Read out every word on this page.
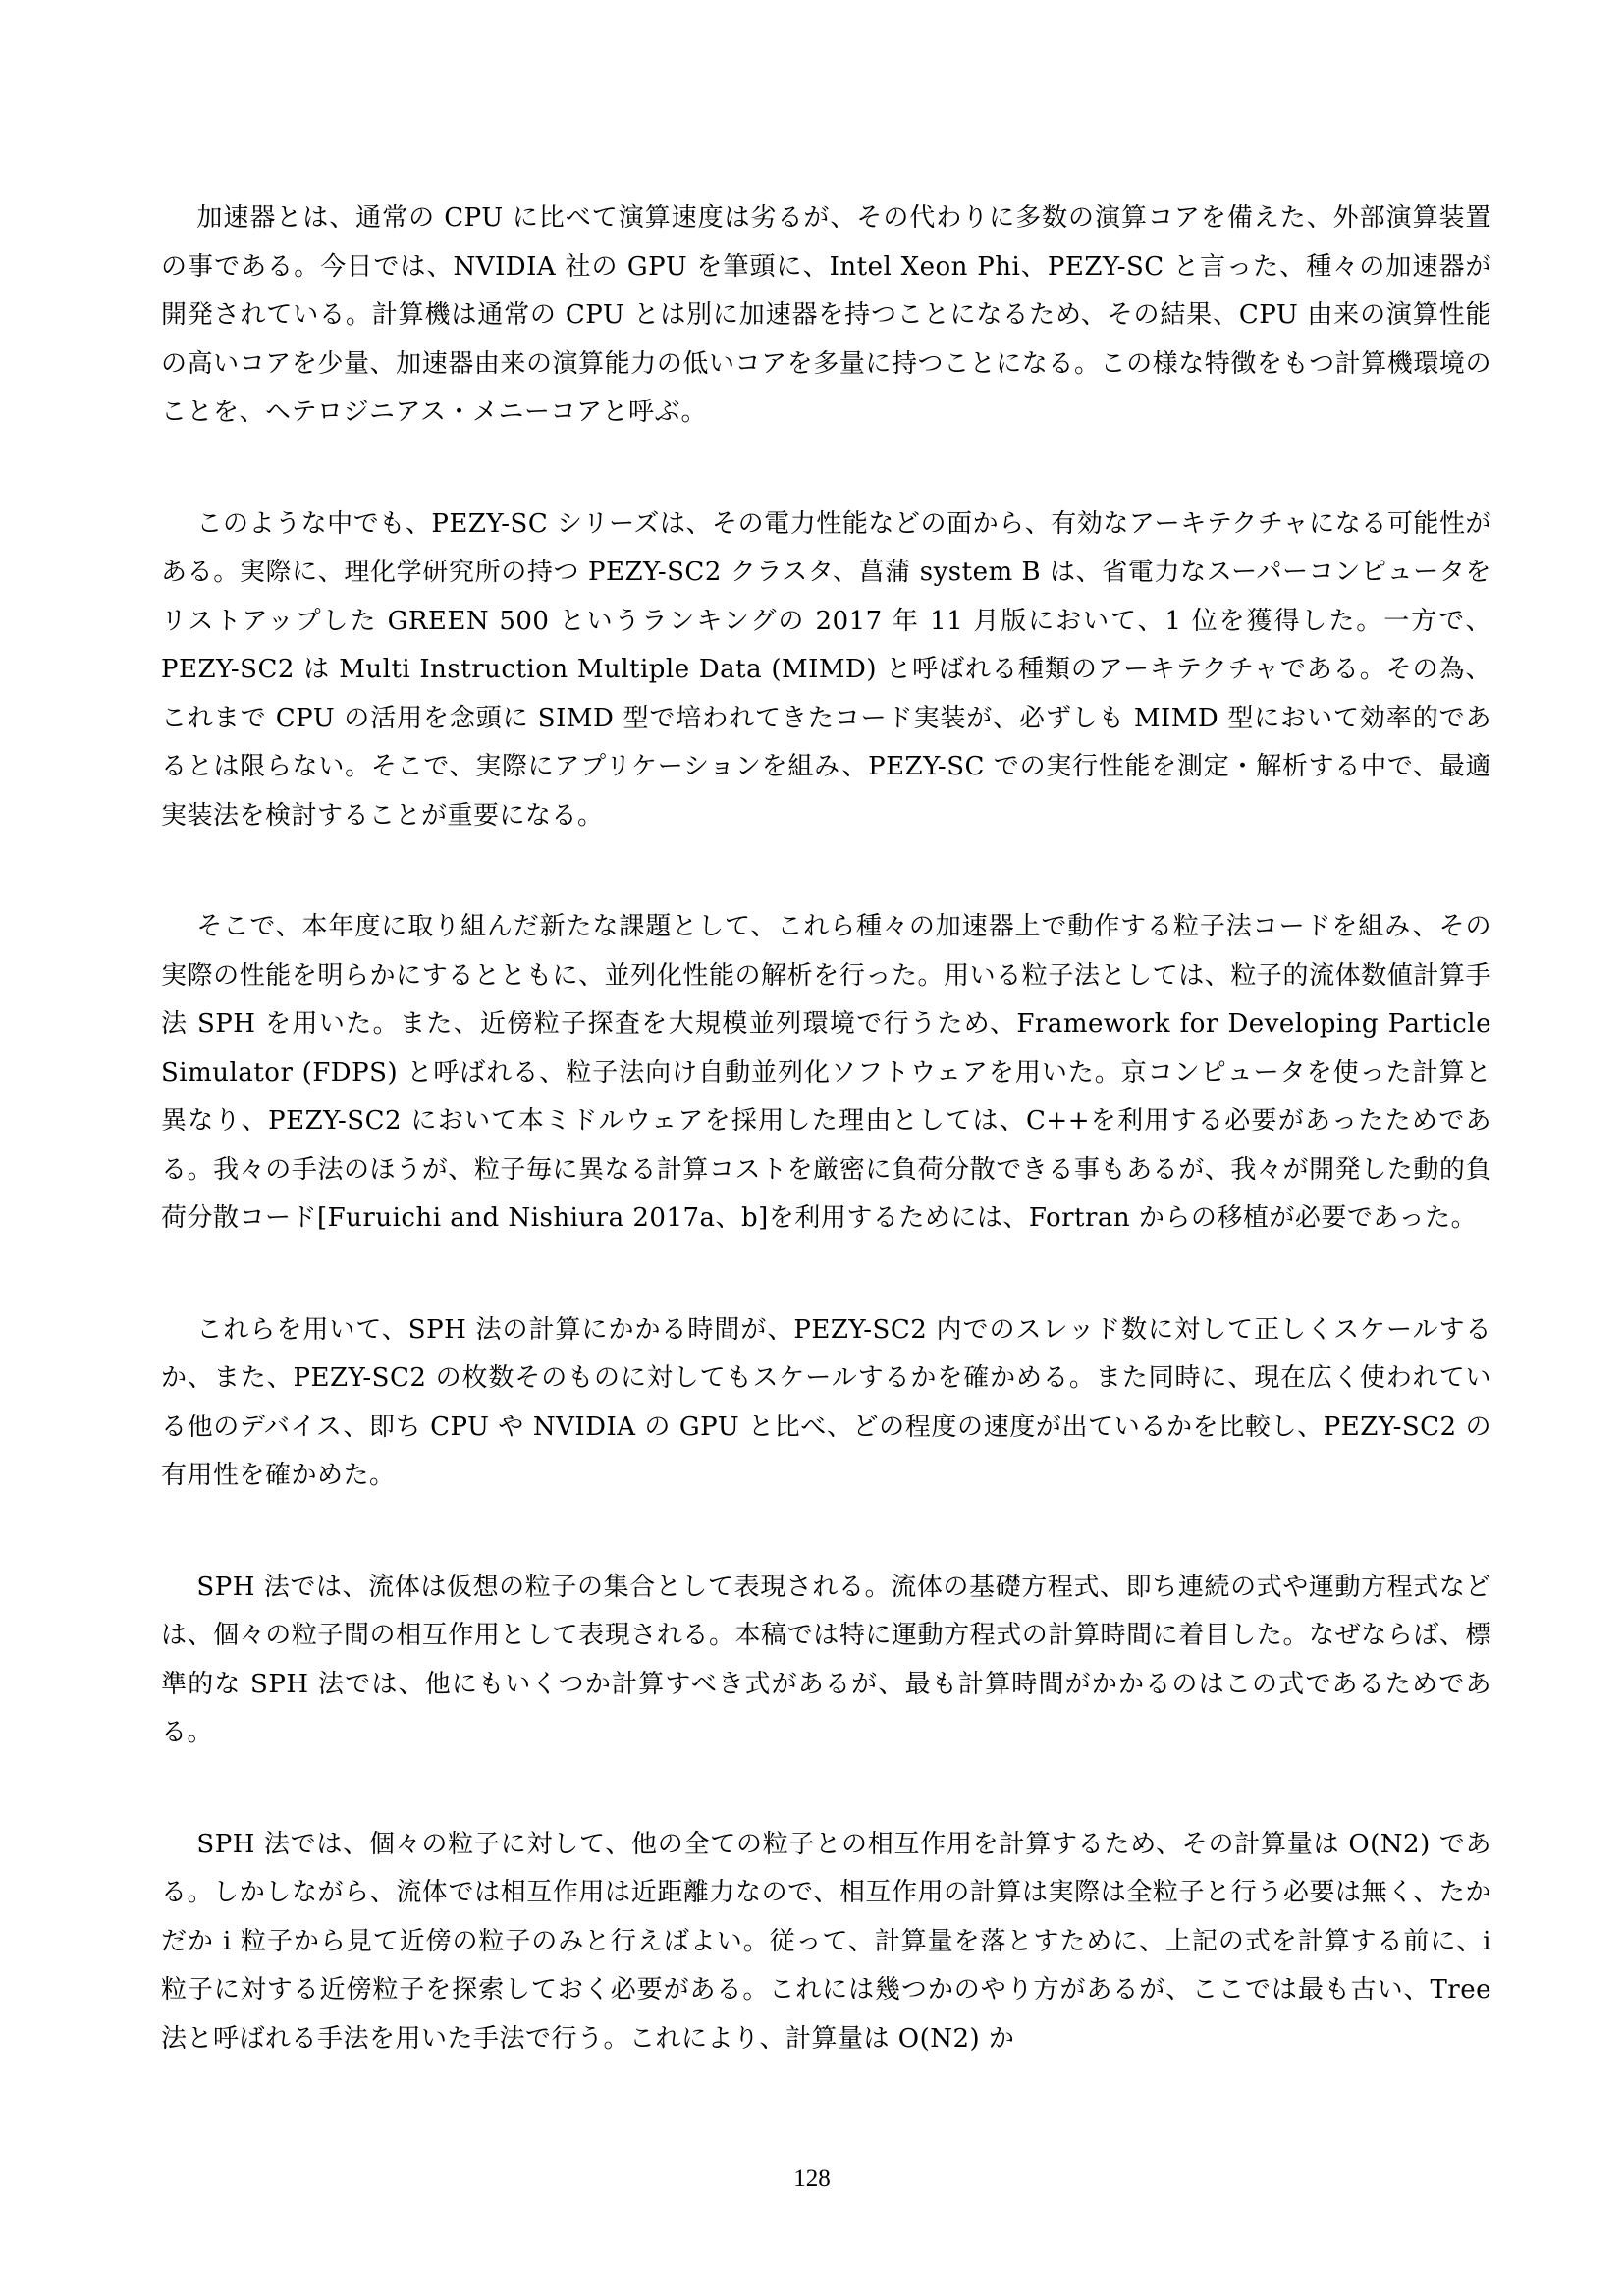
加速器とは、通常の CPU に比べて演算速度は劣るが、その代わりに多数の演算コアを備えた、外部演算装置の事である。今日では、NVIDIA 社の GPU を筆頭に、Intel Xeon Phi、PEZY-SC と言った、種々の加速器が開発されている。計算機は通常の CPU とは別に加速器を持つことになるため、その結果、CPU 由来の演算性能の高いコアを少量、加速器由来の演算能力の低いコアを多量に持つことになる。この様な特徴をもつ計算機環境のことを、ヘテロジニアス・メニーコアと呼ぶ。

このような中でも、PEZY-SC シリーズは、その電力性能などの面から、有効なアーキテクチャになる可能性がある。実際に、理化学研究所の持つ PEZY-SC2 クラスタ、菖蒲 system B は、省電力なスーパーコンピュータをリストアップした GREEN 500 というランキングの 2017 年 11 月版において、1 位を獲得した。一方で、PEZY-SC2 は Multi Instruction Multiple Data (MIMD) と呼ばれる種類のアーキテクチャである。その為、これまで CPU の活用を念頭に SIMD 型で培われてきたコード実装が、必ずしも MIMD 型において効率的であるとは限らない。そこで、実際にアプリケーションを組み、PEZY-SC での実行性能を測定・解析する中で、最適実装法を検討することが重要になる。

そこで、本年度に取り組んだ新たな課題として、これら種々の加速器上で動作する粒子法コードを組み、その実際の性能を明らかにするとともに、並列化性能の解析を行った。用いる粒子法としては、粒子的流体数値計算手法 SPH を用いた。また、近傍粒子探査を大規模並列環境で行うため、Framework for Developing Particle Simulator (FDPS) と呼ばれる、粒子法向け自動並列化ソフトウェアを用いた。京コンピュータを使った計算と異なり、PEZY-SC2 において本ミドルウェアを採用した理由としては、C++を利用する必要があったためである。我々の手法のほうが、粒子毎に異なる計算コストを厳密に負荷分散できる事もあるが、我々が開発した動的負荷分散コード[Furuichi and Nishiura 2017a、b]を利用するためには、Fortran からの移植が必要であった。

これらを用いて、SPH 法の計算にかかる時間が、PEZY-SC2 内でのスレッド数に対して正しくスケールするか、また、PEZY-SC2 の枚数そのものに対してもスケールするかを確かめる。また同時に、現在広く使われている他のデバイス、即ち CPU や NVIDIA の GPU と比べ、どの程度の速度が出ているかを比較し、PEZY-SC2 の有用性を確かめた。

SPH 法では、流体は仮想の粒子の集合として表現される。流体の基礎方程式、即ち連続の式や運動方程式などは、個々の粒子間の相互作用として表現される。本稿では特に運動方程式の計算時間に着目した。なぜならば、標準的な SPH 法では、他にもいくつか計算すべき式があるが、最も計算時間がかかるのはこの式であるためである。

SPH 法では、個々の粒子に対して、他の全ての粒子との相互作用を計算するため、その計算量は O(N2) である。しかしながら、流体では相互作用は近距離力なので、相互作用の計算は実際は全粒子と行う必要は無く、たかだか i 粒子から見て近傍の粒子のみと行えばよい。従って、計算量を落とすために、上記の式を計算する前に、i 粒子に対する近傍粒子を探索しておく必要がある。これには幾つかのやり方があるが、ここでは最も古い、Tree 法と呼ばれる手法を用いた手法で行う。これにより、計算量は O(N2) か

128
